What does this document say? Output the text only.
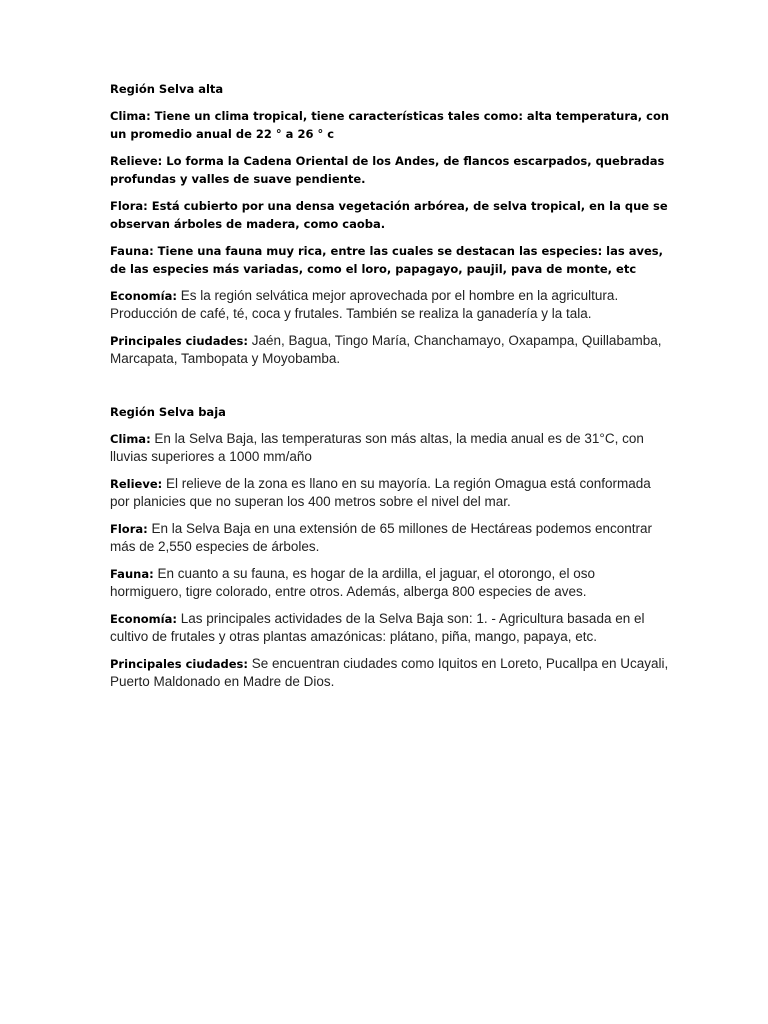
Región Selva alta
Clima: Tiene un clima tropical, tiene características tales como: alta temperatura, con un promedio anual de 22 ° a 26 ° c
Relieve: Lo forma la Cadena Oriental de los Andes, de flancos escarpados, quebradas profundas y valles de suave pendiente.
Flora: Está cubierto por una densa vegetación arbórea, de selva tropical, en la que se observan árboles de madera, como caoba.
Fauna: Tiene una fauna muy rica, entre las cuales se destacan las especies: las aves, de las especies más variadas, como el loro, papagayo, paujil, pava de monte, etc
Economía: Es la región selvática mejor aprovechada por el hombre en la agricultura. Producción de café, té, coca y frutales. También se realiza la ganadería y la tala.
Principales ciudades: Jaén, Bagua, Tingo María, Chanchamayo, Oxapampa, Quillabamba, Marcapata, Tambopata y Moyobamba.
Región Selva baja
Clima: En la Selva Baja, las temperaturas son más altas, la media anual es de 31°C, con lluvias superiores a 1000 mm/año
Relieve: El relieve de la zona es llano en su mayoría. La región Omagua está conformada por planicies que no superan los 400 metros sobre el nivel del mar.
Flora: En la Selva Baja en una extensión de 65 millones de Hectáreas podemos encontrar más de 2,550 especies de árboles.
Fauna: En cuanto a su fauna, es hogar de la ardilla, el jaguar, el otorongo, el oso hormiguero, tigre colorado, entre otros. Además, alberga 800 especies de aves.
Economía: Las principales actividades de la Selva Baja son: 1. - Agricultura basada en el cultivo de frutales y otras plantas amazónicas: plátano, piña, mango, papaya, etc.
Principales ciudades: Se encuentran ciudades como Iquitos en Loreto, Pucallpa en Ucayali, Puerto Maldonado en Madre de Dios.
